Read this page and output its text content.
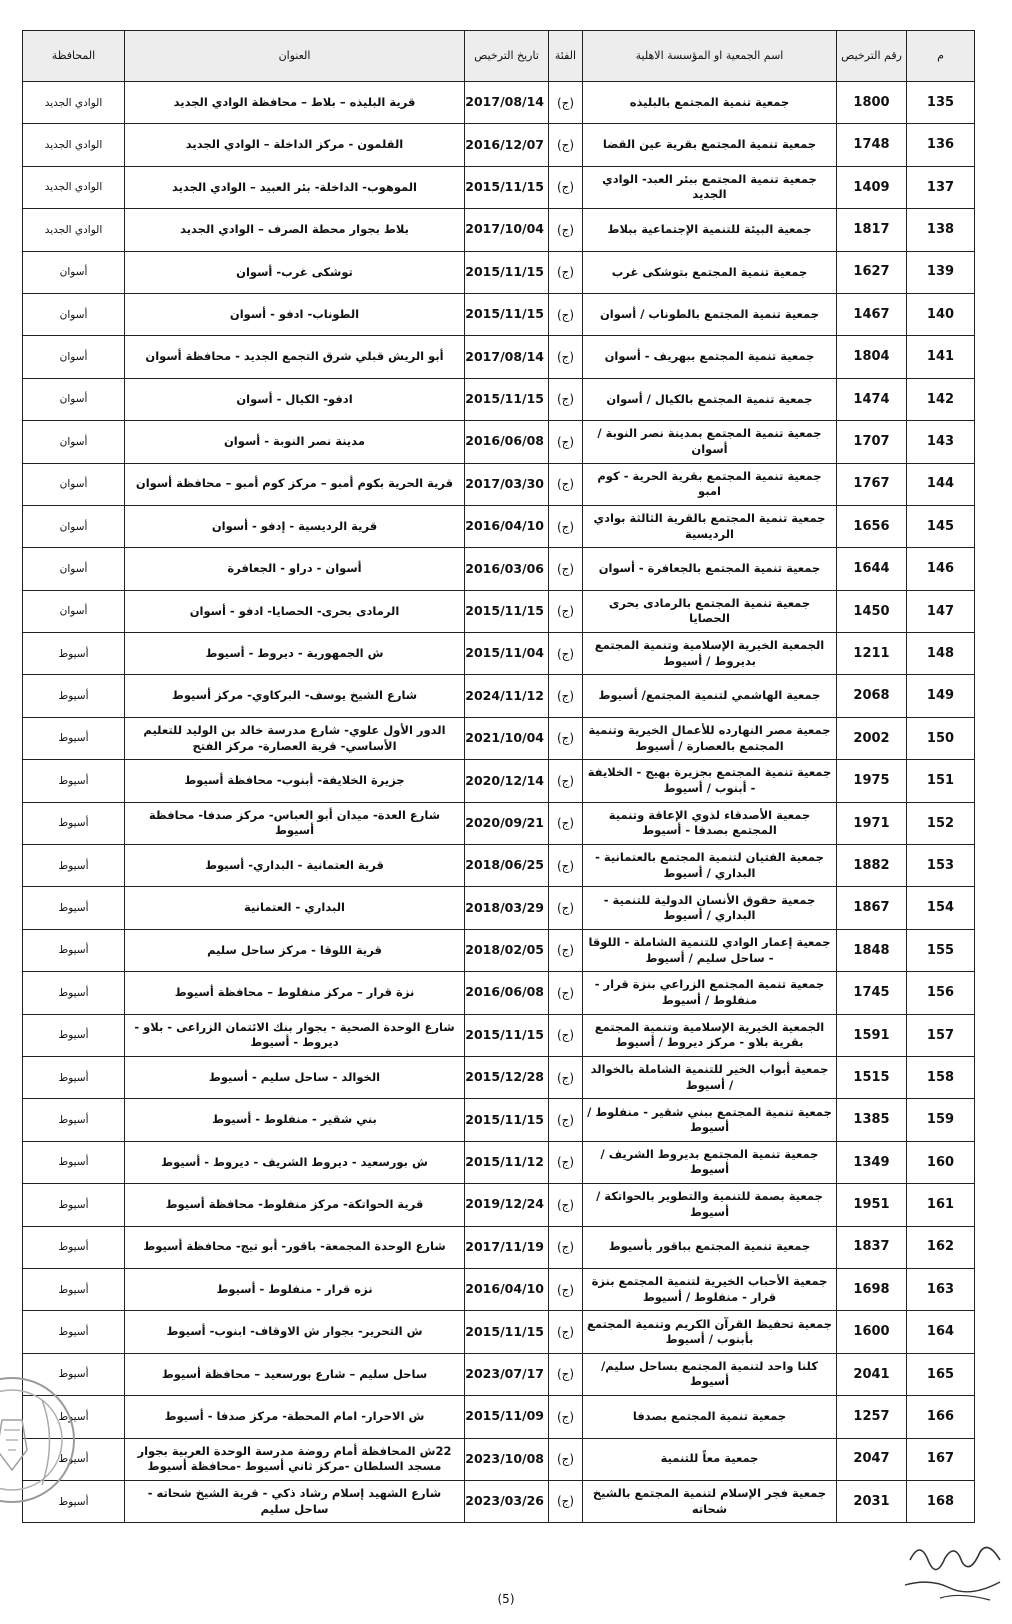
م	رقم الترخيص	اسم الجمعية او المؤسسة الاهلية	الفئة	تاريخ الترخيص	العنوان	المحافظة
135	1800	جمعية تنمية المجتمع بالبليذه	(ج)	2017/08/14	قرية البليذه – بلاط – محافظة الوادي الجديد	الوادي الجديد
136	1748	جمعية تنمية المجتمع بقرية عين القضا	(ج)	2016/12/07	القلمون - مركز الداخلة – الوادي الجديد	الوادي الجديد
137	1409	جمعية تنمية المجتمع ببئر العبد- الوادي الجديد	(ج)	2015/11/15	الموهوب- الداخلة- بئر العبيد – الوادي الجديد	الوادي الجديد
138	1817	جمعية البيئة للتنمية الإجتماعية ببلاط	(ج)	2017/10/04	بلاط بجوار محطة الصرف – الوادي الجديد	الوادي الجديد
139	1627	جمعية تنمية المجتمع بتوشكى غرب	(ج)	2015/11/15	توشكى غرب- أسوان	أسوان
140	1467	جمعية تنمية المجتمع بالطوناب / أسوان	(ج)	2015/11/15	الطوناب- ادفو - أسوان	أسوان
141	1804	جمعية تنمية المجتمع ببهريف - أسوان	(ج)	2017/08/14	أبو الريش قبلي شرق التجمع الجديد - محافظة أسوان	أسوان
142	1474	جمعية تنمية المجتمع بالكيال / أسوان	(ج)	2015/11/15	ادفو- الكيال - أسوان	أسوان
143	1707	جمعية تنمية المجتمع بمدينة نصر النوبة / أسوان	(ج)	2016/06/08	مدينة نصر النوبة - أسوان	أسوان
144	1767	جمعية تنمية المجتمع بقرية الحرية - كوم امبو	(ج)	2017/03/30	قرية الحرية بكوم أمبو – مركز كوم أمبو – محافظة أسوان	أسوان
145	1656	جمعية تنمية المجتمع بالقرية الثالثة بوادي الرديسية	(ج)	2016/04/10	قرية الرديسية - إدفو - أسوان	أسوان
146	1644	جمعية تنمية المجتمع بالجعافرة - أسوان	(ج)	2016/03/06	أسوان - دراو - الجعافرة	أسوان
147	1450	جمعية تنمية المجتمع بالرمادى بحرى الحصايا	(ج)	2015/11/15	الرمادى بحرى- الحصايا- ادفو - أسوان	أسوان
148	1211	الجمعية الخيرية الإسلامية وتنمية المجتمع بديروط / أسيوط	(ج)	2015/11/04	ش الجمهورية - ديروط - أسيوط	أسيوط
149	2068	جمعية الهاشمي لتنمية المجتمع/ أسيوط	(ج)	2024/11/12	شارع الشيخ يوسف- البركاوي- مركز أسيوط	أسيوط
150	2002	جمعية مصر النهارده للأعمال الخيرية وتنمية المجتمع بالعصارة / أسيوط	(ج)	2021/10/04	الدور الأول علوي- شارع مدرسة خالد بن الوليد للتعليم الأساسي- قرية العصارة- مركز الفتح	أسيوط
151	1975	جمعية تنمية المجتمع بجزيرة بهيج - الخلايفة - أبنوب / أسيوط	(ج)	2020/12/14	جزيرة الخلايفة- أبنوب- محافظة أسيوط	أسيوط
152	1971	جمعية الأصدقاء لذوي الإعاقة وتنمية المجتمع بصدفا - أسيوط	(ج)	2020/09/21	شارع العدة- ميدان أبو العباس- مركز صدفا- محافظة أسيوط	أسيوط
153	1882	جمعية الفتيان لتنمية المجتمع بالعتمانية - البداري / أسيوط	(ج)	2018/06/25	قرية العتمانية - البداري- أسيوط	أسيوط
154	1867	جمعية حقوق الأنسان الدولية للتنمية - البداري / أسيوط	(ج)	2018/03/29	البداري - العتمانية	أسيوط
155	1848	جمعية إعمار الوادي للتنمية الشاملة - اللوقا - ساحل سليم / أسيوط	(ج)	2018/02/05	قرية اللوقا - مركز ساحل سليم	أسيوط
156	1745	جمعية تنمية المجتمع الزراعي بنزة قرار - منفلوط / أسيوط	(ج)	2016/06/08	نزة قرار – مركز منفلوط – محافظة أسيوط	أسيوط
157	1591	الجمعية الخيرية الإسلامية وتنمية المجتمع بقرية بلاو - مركز ديروط / أسيوط	(ج)	2015/11/15	شارع الوحدة الصحية - بجوار بنك الائتمان الزراعى - بلاو - ديروط - أسيوط	أسيوط
158	1515	جمعية أبواب الخير للتنمية الشاملة بالخوالد / أسيوط	(ج)	2015/12/28	الخوالد - ساحل سليم - أسيوط	أسيوط
159	1385	جمعية تنمية المجتمع ببني شقير - منفلوط / أسيوط	(ج)	2015/11/15	بني شقير - منفلوط - أسيوط	أسيوط
160	1349	جمعية تنمية المجتمع بديروط الشريف / أسيوط	(ج)	2015/11/12	ش بورسعيد - ديروط الشريف - ديروط - أسيوط	أسيوط
161	1951	جمعية بصمة للتنمية والتطوير بالحواتكة / أسيوط	(ج)	2019/12/24	قرية الحواتكة- مركز منفلوط- محافظة أسيوط	أسيوط
162	1837	جمعية تنمية المجتمع بباقور بأسيوط	(ج)	2017/11/19	شارع الوحدة المجمعة- باقور- أبو تيج- محافظة أسيوط	أسيوط
163	1698	جمعية الأحباب الخيرية لتنمية المجتمع بنزة قرار - منفلوط / أسيوط	(ج)	2016/04/10	نزه قرار - منفلوط - أسيوط	أسيوط
164	1600	جمعية تحفيظ القرآن الكريم وتنمية المجتمع بأبنوب / أسيوط	(ج)	2015/11/15	ش التحرير- بجوار ش الاوقاف- ابنوب- أسيوط	أسيوط
165	2041	كلنا واحد لتنمية المجتمع بساحل سليم/ أسيوط	(ج)	2023/07/17	ساحل سليم – شارع بورسعيد – محافظة أسيوط	أسيوط
166	1257	جمعية تنمية المجتمع بصدفا	(ج)	2015/11/09	ش الاحرار- امام المحطة- مركز صدفا - أسيوط	أسيوط
167	2047	جمعية معاً للتنمية	(ج)	2023/10/08	22ش المحافظة أمام روضة مدرسة الوحدة العربية بجوار مسجد السلطان -مركز ثاني أسيوط -محافظة أسيوط	أسيوط
168	2031	جمعية فجر الإسلام لتنمية المجتمع بالشيخ شحاته	(ج)	2023/03/26	شارع الشهيد إسلام رشاد ذكي - قرية الشيخ شحاته - ساحل سليم	أسيوط
(5)
